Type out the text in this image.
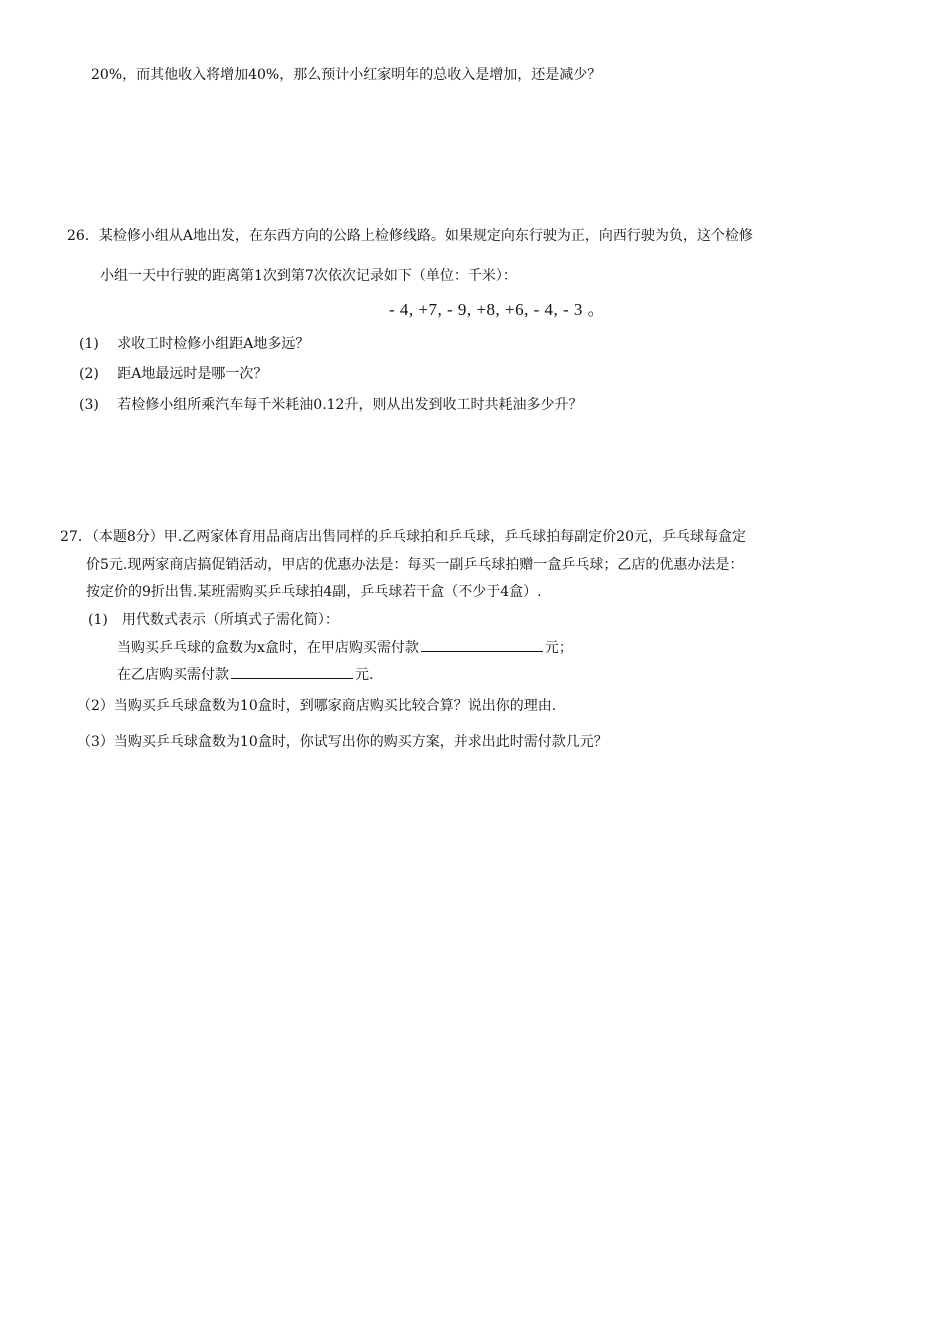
20%，而其他收入将增加40%，那么预计小红家明年的总收入是增加，还是减少？
26．某检修小组从A地出发，在东西方向的公路上检修线路。如果规定向东行驶为正，向西行驶为负，这个检修
小组一天中行驶的距离第1次到第7次依次记录如下（单位：千米）：
- 4, +7, - 9, +8, +6, - 4, - 3 。
(1)　 求收工时检修小组距A地多远？
(2)　 距A地最远时是哪一次？
(3)　 若检修小组所乘汽车每千米耗油0.12升，则从出发到收工时共耗油多少升？
27．（本题8分）甲.乙两家体育用品商店出售同样的乒乓球拍和乒乓球，乒乓球拍每副定价20元，乒乓球每盒定
价5元.现两家商店搞促销活动，甲店的优惠办法是：每买一副乒乓球拍赠一盒乒乓球；乙店的优惠办法是：
按定价的9折出售.某班需购买乒乓球拍4副，乒乓球若干盒（不少于4盒）.
(1)　用代数式表示（所填式子需化简）：
当购买乒乓球的盒数为x盒时，在甲店购买需付款	元；
在乙店购买需付款	元.
（2）当购买乒乓球盒数为10盒时，到哪家商店购买比较合算？说出你的理由.
（3）当购买乒乓球盒数为10盒时，你试写出你的购买方案，并求出此时需付款几元？
